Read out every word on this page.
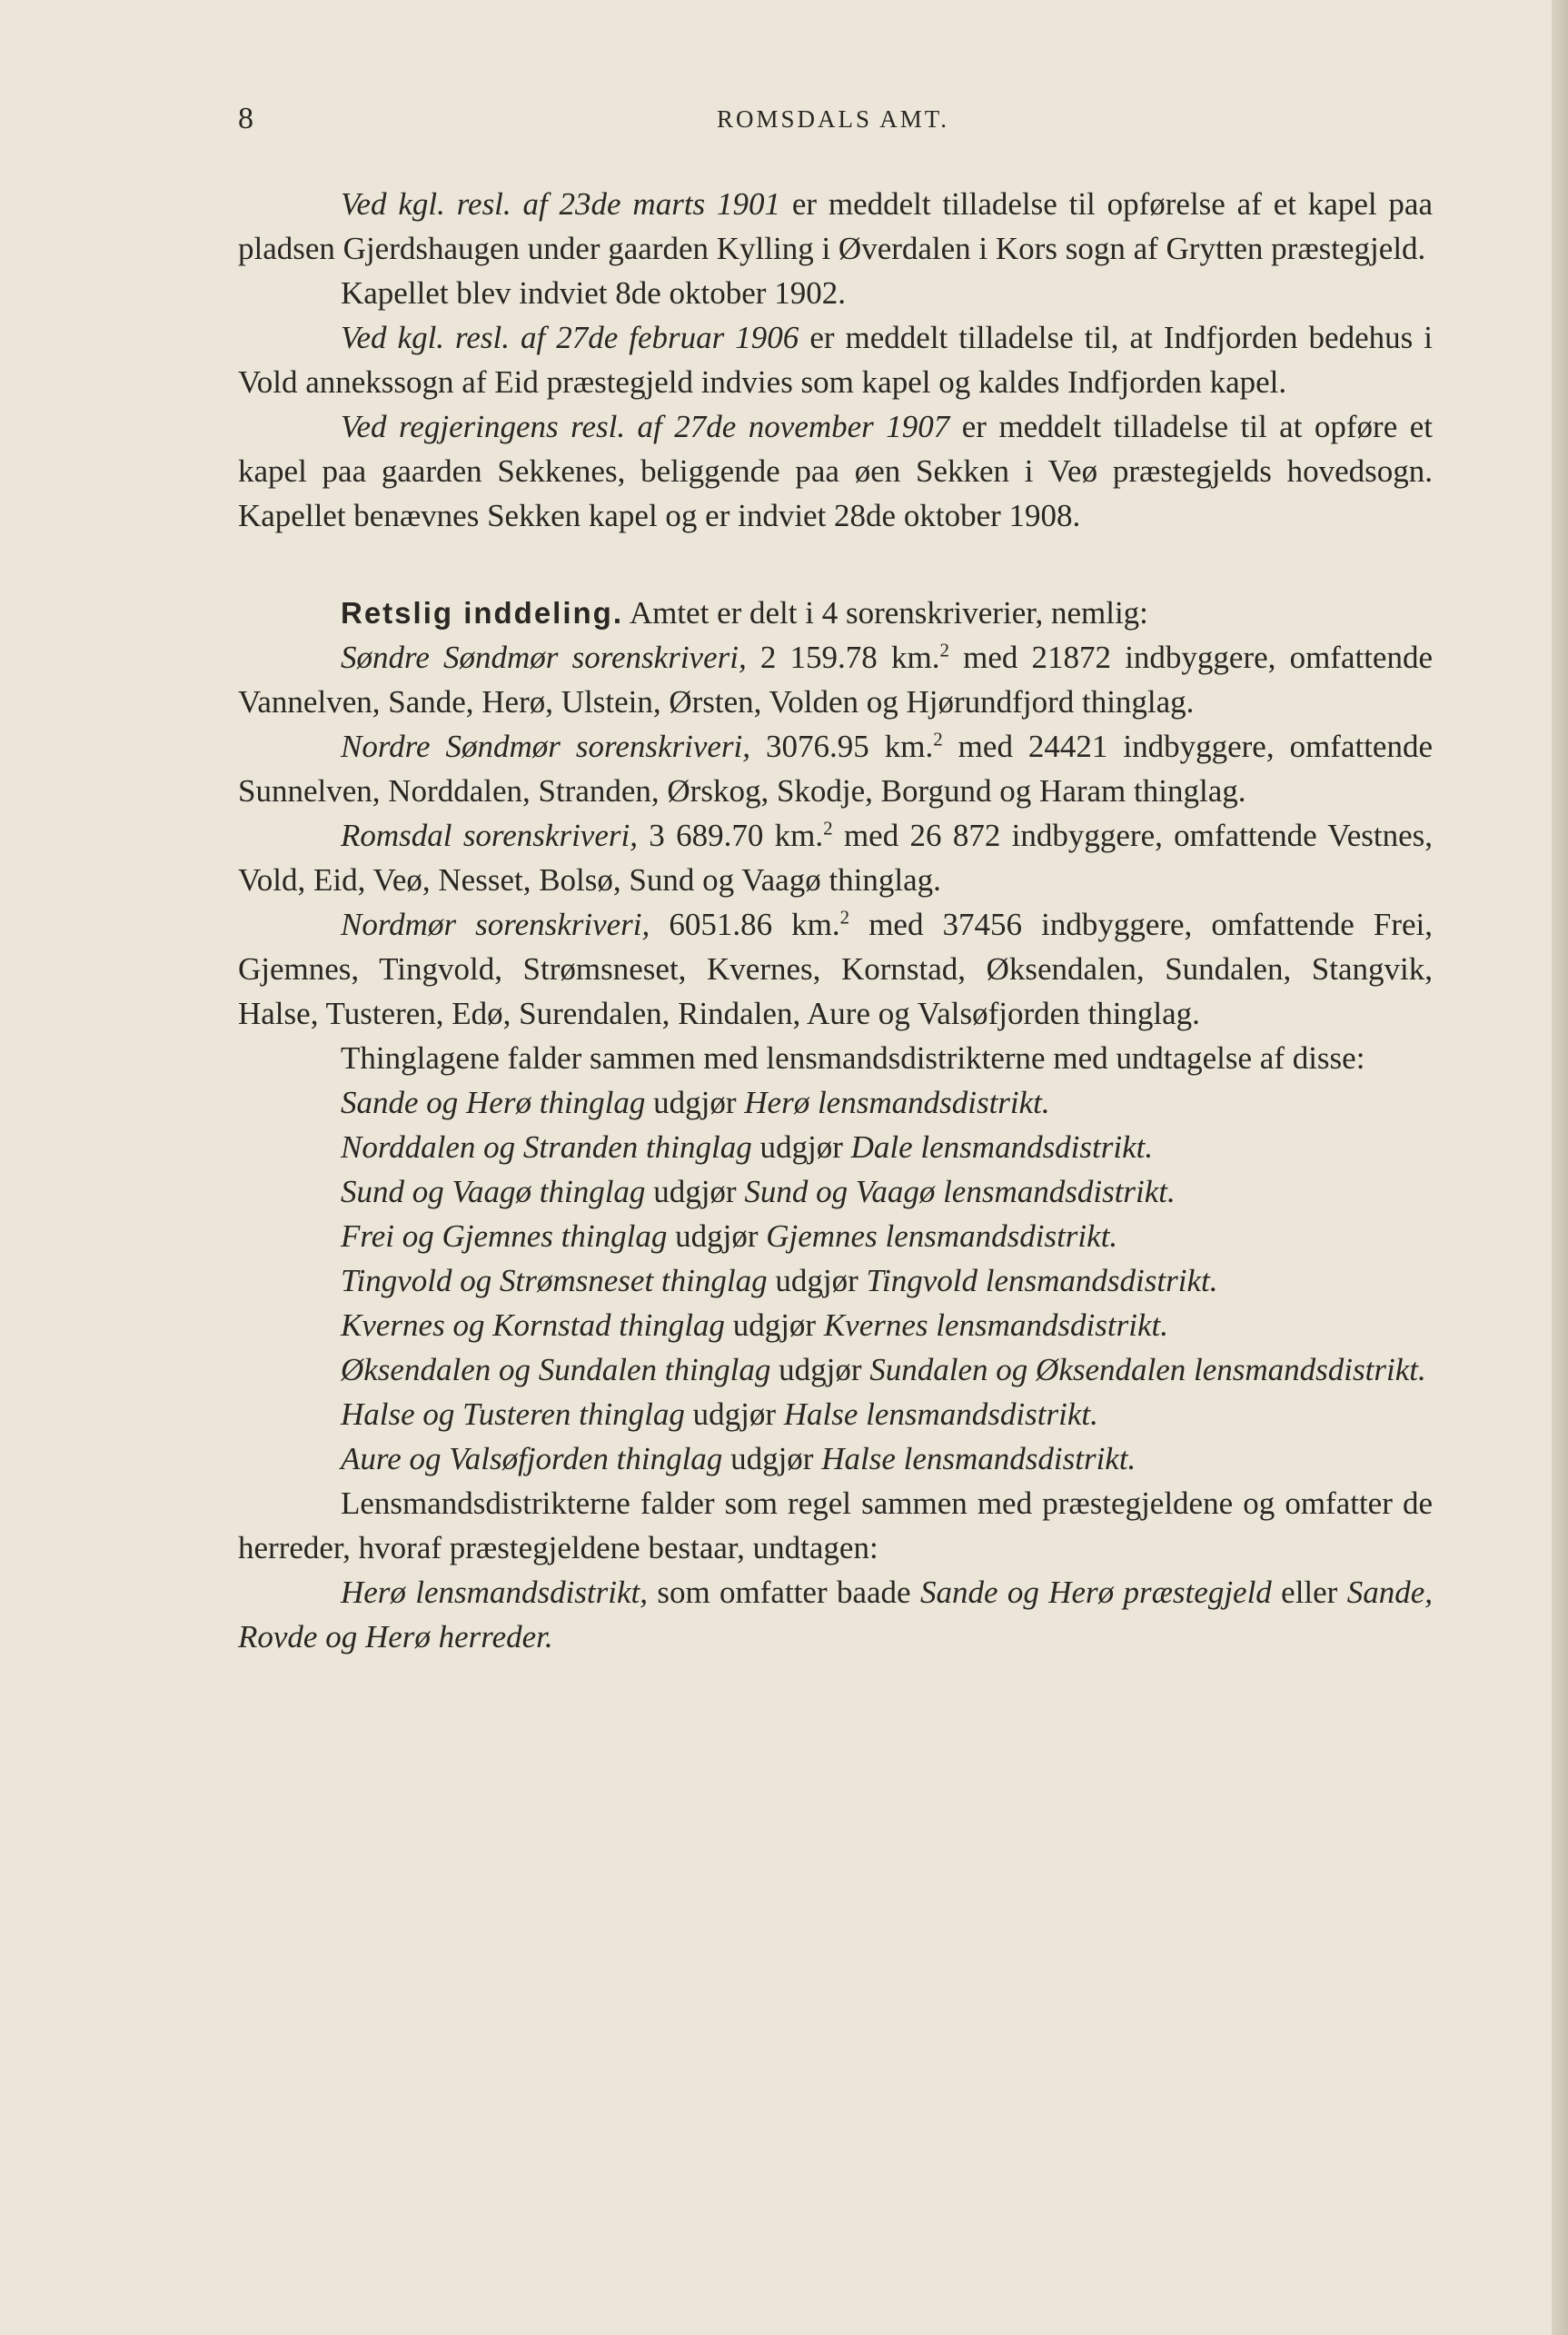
8	ROMSDALS AMT.

Ved kgl. resl. af 23de marts 1901 er meddelt tilladelse til opførelse af et kapel paa pladsen Gjerdshaugen under gaarden Kylling i Øverdalen i Kors sogn af Grytten præstegjeld.

Kapellet blev indviet 8de oktober 1902.

Ved kgl. resl. af 27de februar 1906 er meddelt tilladelse til, at Indfjorden bedehus i Vold annekssogn af Eid præstegjeld indvies som kapel og kaldes Indfjorden kapel.

Ved regjeringens resl. af 27de november 1907 er meddelt tilladelse til at opføre et kapel paa gaarden Sekkenes, beliggende paa øen Sekken i Veø præstegjelds hovedsogn. Kapellet benævnes Sekken kapel og er indviet 28de oktober 1908.

Retslig inddeling. Amtet er delt i 4 sorenskriverier, nemlig:

Søndre Søndmør sorenskriveri, 2 159.78 km.$^2$ med 21872 indbyggere, omfattende Vannelven, Sande, Herø, Ulstein, Ørsten, Volden og Hjørundfjord thinglag.

Nordre Søndmør sorenskriveri, 3076.95 km.$^2$ med 24421 indbyggere, omfattende Sunnelven, Norddalen, Stranden, Ørskog, Skodje, Borgund og Haram thinglag.

Romsdal sorenskriveri, 3 689.70 km.$^2$ med 26 872 indbyggere, omfattende Vestnes, Vold, Eid, Veø, Nesset, Bolsø, Sund og Vaagø thinglag.

Nordmør sorenskriveri, 6051.86 km.$^2$ med 37456 indbyggere, omfattende Frei, Gjemnes, Tingvold, Strømsneset, Kvernes, Kornstad, Øksendalen, Sundalen, Stangvik, Halse, Tusteren, Edø, Surendalen, Rindalen, Aure og Valsøfjorden thinglag.

Thinglagene falder sammen med lensmandsdistrikterne med undtagelse af disse:

Sande og Herø thinglag udgjør Herø lensmandsdistrikt.

Norddalen og Stranden thinglag udgjør Dale lensmandsdistrikt.

Sund og Vaagø thinglag udgjør Sund og Vaagø lensmandsdistrikt.

Frei og Gjemnes thinglag udgjør Gjemnes lensmandsdistrikt.

Tingvold og Strømsneset thinglag udgjør Tingvold lensmandsdistrikt.

Kvernes og Kornstad thinglag udgjør Kvernes lensmandsdistrikt.

Øksendalen og Sundalen thinglag udgjør Sundalen og Øksendalen lensmandsdistrikt.

Halse og Tusteren thinglag udgjør Halse lensmandsdistrikt.

Aure og Valsøfjorden thinglag udgjør Halse lensmandsdistrikt.

Lensmandsdistrikterne falder som regel sammen med præstegjeldene og omfatter de herreder, hvoraf præstegjeldene bestaar, undtagen:

Herø lensmandsdistrikt, som omfatter baade Sande og Herø præstegjeld eller Sande, Rovde og Herø herreder.
